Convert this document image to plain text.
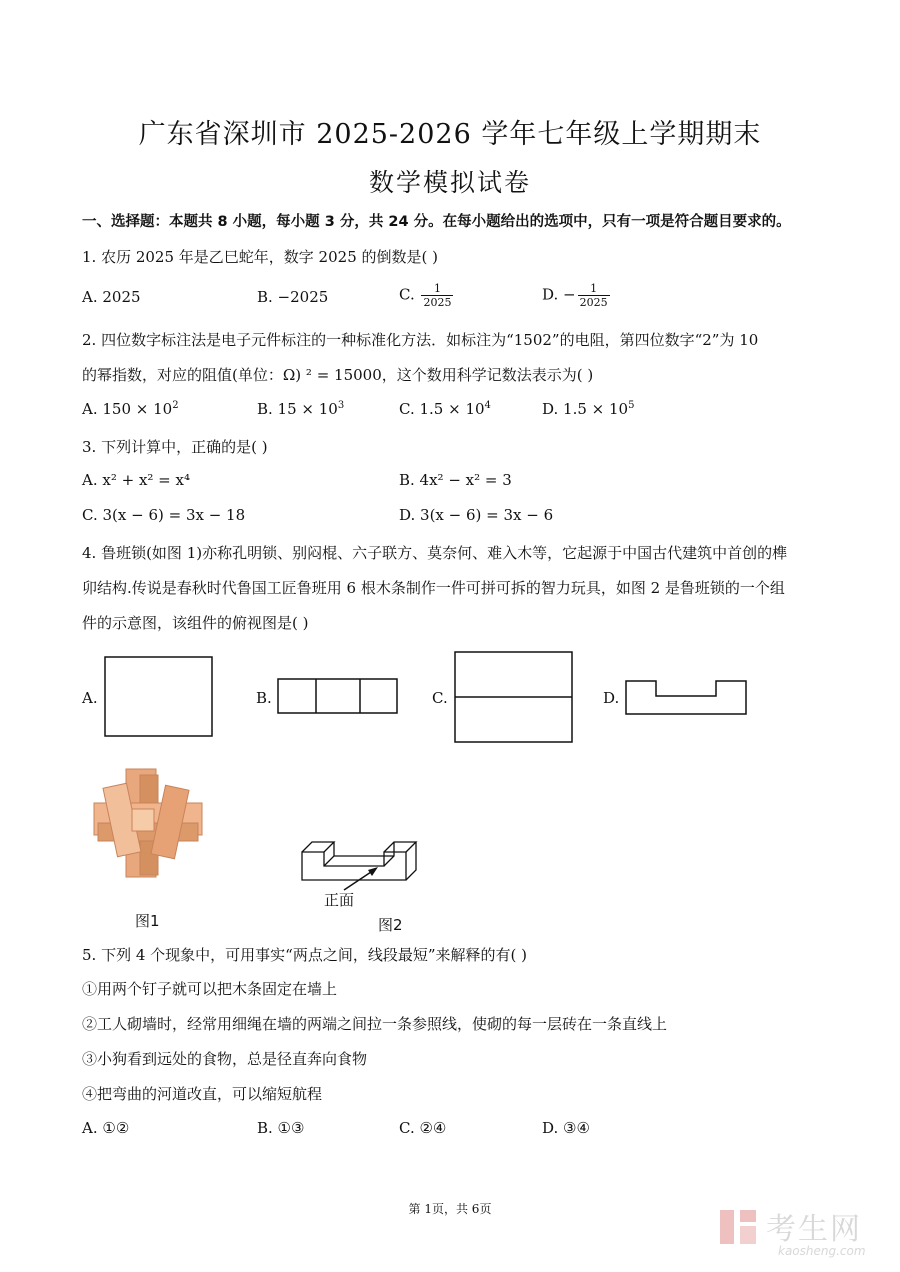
广东省深圳市 2025-2026 学年七年级上学期期末
数学模拟试卷
一、选择题：本题共 8 小题，每小题 3 分，共 24 分。在每小题给出的选项中，只有一项是符合题目要求的。
1. 农历 2025 年是乙巳蛇年，数字 2025 的倒数是( )
A. 2025	B. −2025	C. $\frac{1}{2025}$	D. − $\frac{1}{2025}$
2. 四位数字标注法是电子元件标注的一种标准化方法．如标注为“1502”的电阻，第四位数字“2”为 10
的幂指数，对应的阻值(单位：Ω) ² = 15000，这个数用科学记数法表示为( )
A. $150 \times 10^2$	B. $15 \times 10^3$	C. $1.5 \times 10^4$	D. $1.5 \times 10^5$
3. 下列计算中，正确的是( )
A. x² + x² = x⁴	B. 4x² − x² = 3
C. 3(x − 6) = 3x − 18	D. 3(x − 6) = 3x − 6
4. 鲁班锁(如图 1)亦称孔明锁、别闷棍、六子联方、莫奈何、难入木等，它起源于中国古代建筑中首创的榫
卯结构.传说是春秋时代鲁国工匠鲁班用 6 根木条制作一件可拼可拆的智力玩具，如图 2 是鲁班锁的一个组
件的示意图，该组件的俯视图是( )
A.	B.	C.	D.
正面
图1	图2
5. 下列 4 个现象中，可用事实“两点之间，线段最短”来解释的有( )
①用两个钉子就可以把木条固定在墙上
②工人砌墙时，经常用细绳在墙的两端之间拉一条参照线，使砌的每一层砖在一条直线上
③小狗看到远处的食物，总是径直奔向食物
④把弯曲的河道改直，可以缩短航程
A. ①②	B. ①③	C. ②④	D. ③④
第 1页，共 6页
考生网
kaosheng.com
